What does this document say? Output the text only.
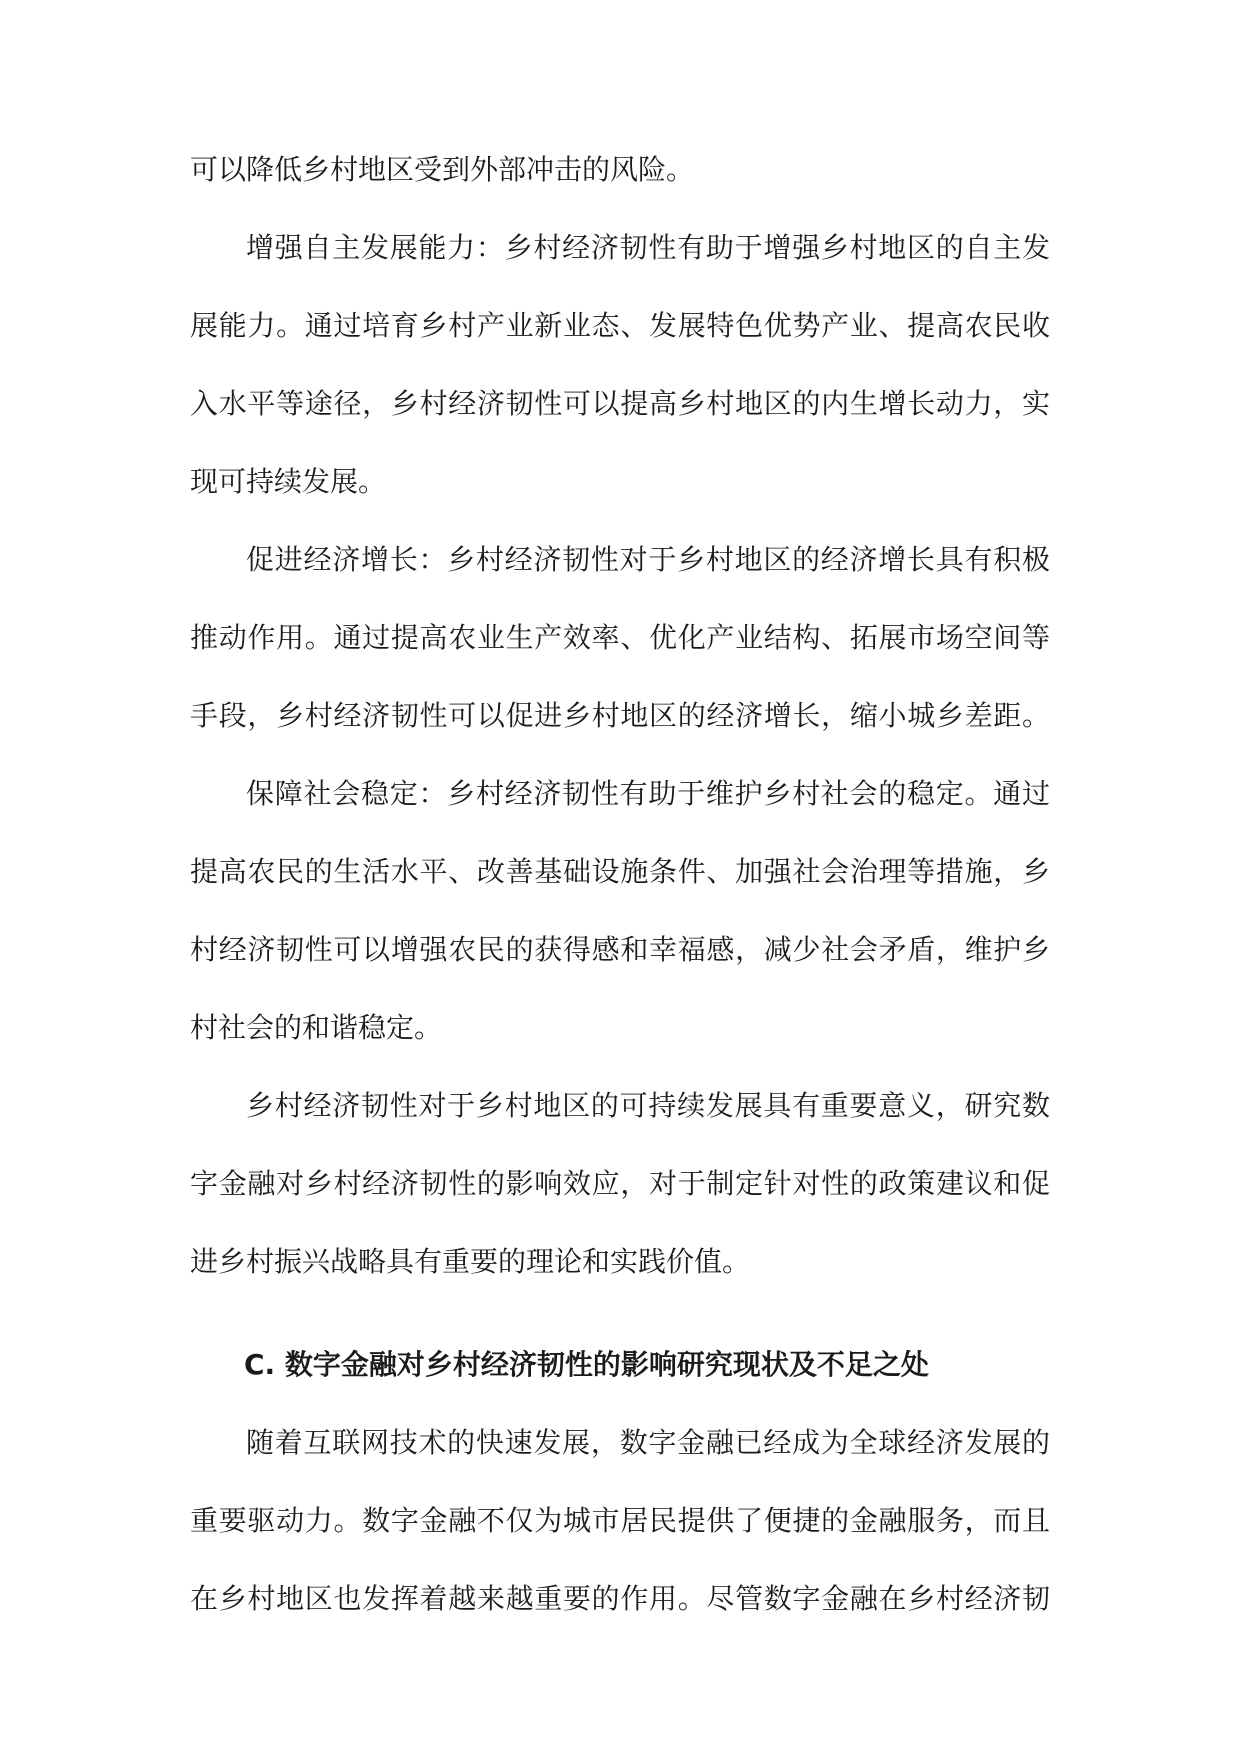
可以降低乡村地区受到外部冲击的风险。
增强自主发展能力：乡村经济韧性有助于增强乡村地区的自主发
展能力。通过培育乡村产业新业态、发展特色优势产业、提高农民收
入水平等途径，乡村经济韧性可以提高乡村地区的内生增长动力，实
现可持续发展。
促进经济增长：乡村经济韧性对于乡村地区的经济增长具有积极
推动作用。通过提高农业生产效率、优化产业结构、拓展市场空间等
手段，乡村经济韧性可以促进乡村地区的经济增长，缩小城乡差距。
保障社会稳定：乡村经济韧性有助于维护乡村社会的稳定。通过
提高农民的生活水平、改善基础设施条件、加强社会治理等措施，乡
村经济韧性可以增强农民的获得感和幸福感，减少社会矛盾，维护乡
村社会的和谐稳定。
乡村经济韧性对于乡村地区的可持续发展具有重要意义，研究数
字金融对乡村经济韧性的影响效应，对于制定针对性的政策建议和促
进乡村振兴战略具有重要的理论和实践价值。
C. 数字金融对乡村经济韧性的影响研究现状及不足之处
随着互联网技术的快速发展，数字金融已经成为全球经济发展的
重要驱动力。数字金融不仅为城市居民提供了便捷的金融服务，而且
在乡村地区也发挥着越来越重要的作用。尽管数字金融在乡村经济韧
